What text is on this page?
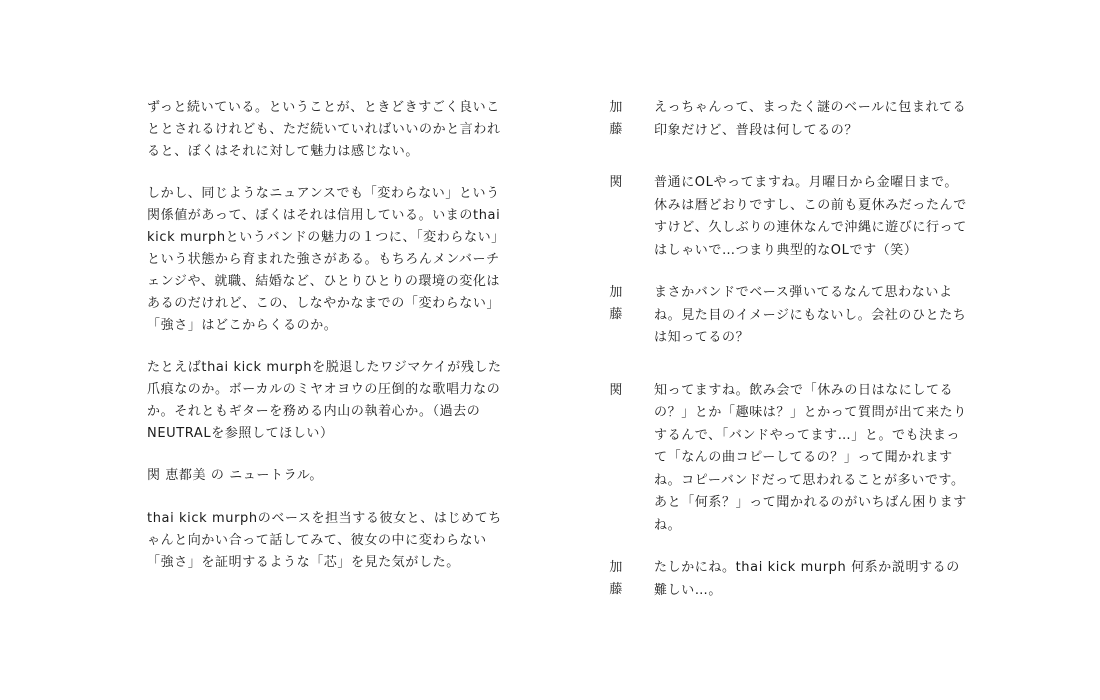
ずっと続いている。ということが、ときどきすごく良いこととされるけれども、ただ続いていればいいのかと言われると、ぼくはそれに対して魅力は感じない。

しかし、同じようなニュアンスでも「変わらない」という関係値があって、ぼくはそれは信用している。いまのthai kick murphというバンドの魅力の１つに、「変わらない」という状態から育まれた強さがある。もちろんメンバーチェンジや、就職、結婚など、ひとりひとりの環境の変化はあるのだけれど、この、しなやかなまでの「変わらない」「強さ」はどこからくるのか。

たとえばthai kick murphを脱退したワジマケイが残した爪痕なのか。ボーカルのミヤオヨウの圧倒的な歌唱力なのか。それともギターを務める内山の執着心か。（過去のNEUTRALを参照してほしい）

関 恵都美 の ニュートラル。

thai kick murphのベースを担当する彼女と、はじめてちゃんと向かい合って話してみて、彼女の中に変わらない「強さ」を証明するような「芯」を見た気がした。

加藤

えっちゃんって、まったく謎のベールに包まれてる印象だけど、普段は何してるの？

関 普通にOLやってますね。月曜日から金曜日まで。休みは暦どおりですし、この前も夏休みだったんですけど、久しぶりの連休なんで沖縄に遊びに行ってはしゃいで…つまり典型的なOLです（笑）

加藤

まさかバンドでベース弾いてるなんて思わないよね。見た目のイメージにもないし。会社のひとたちは知ってるの？

関 知ってますね。飲み会で「休みの日はなにしてるの？」とか「趣味は？」とかって質問が出て来たりするんで、「バンドやってます…」と。でも決まって「なんの曲コピーしてるの？」って聞かれますね。コピーバンドだって思われることが多いです。あと「何系？」って聞かれるのがいちばん困りますね。

加藤

たしかにね。thai kick murph 何系か説明するの難しい…。
